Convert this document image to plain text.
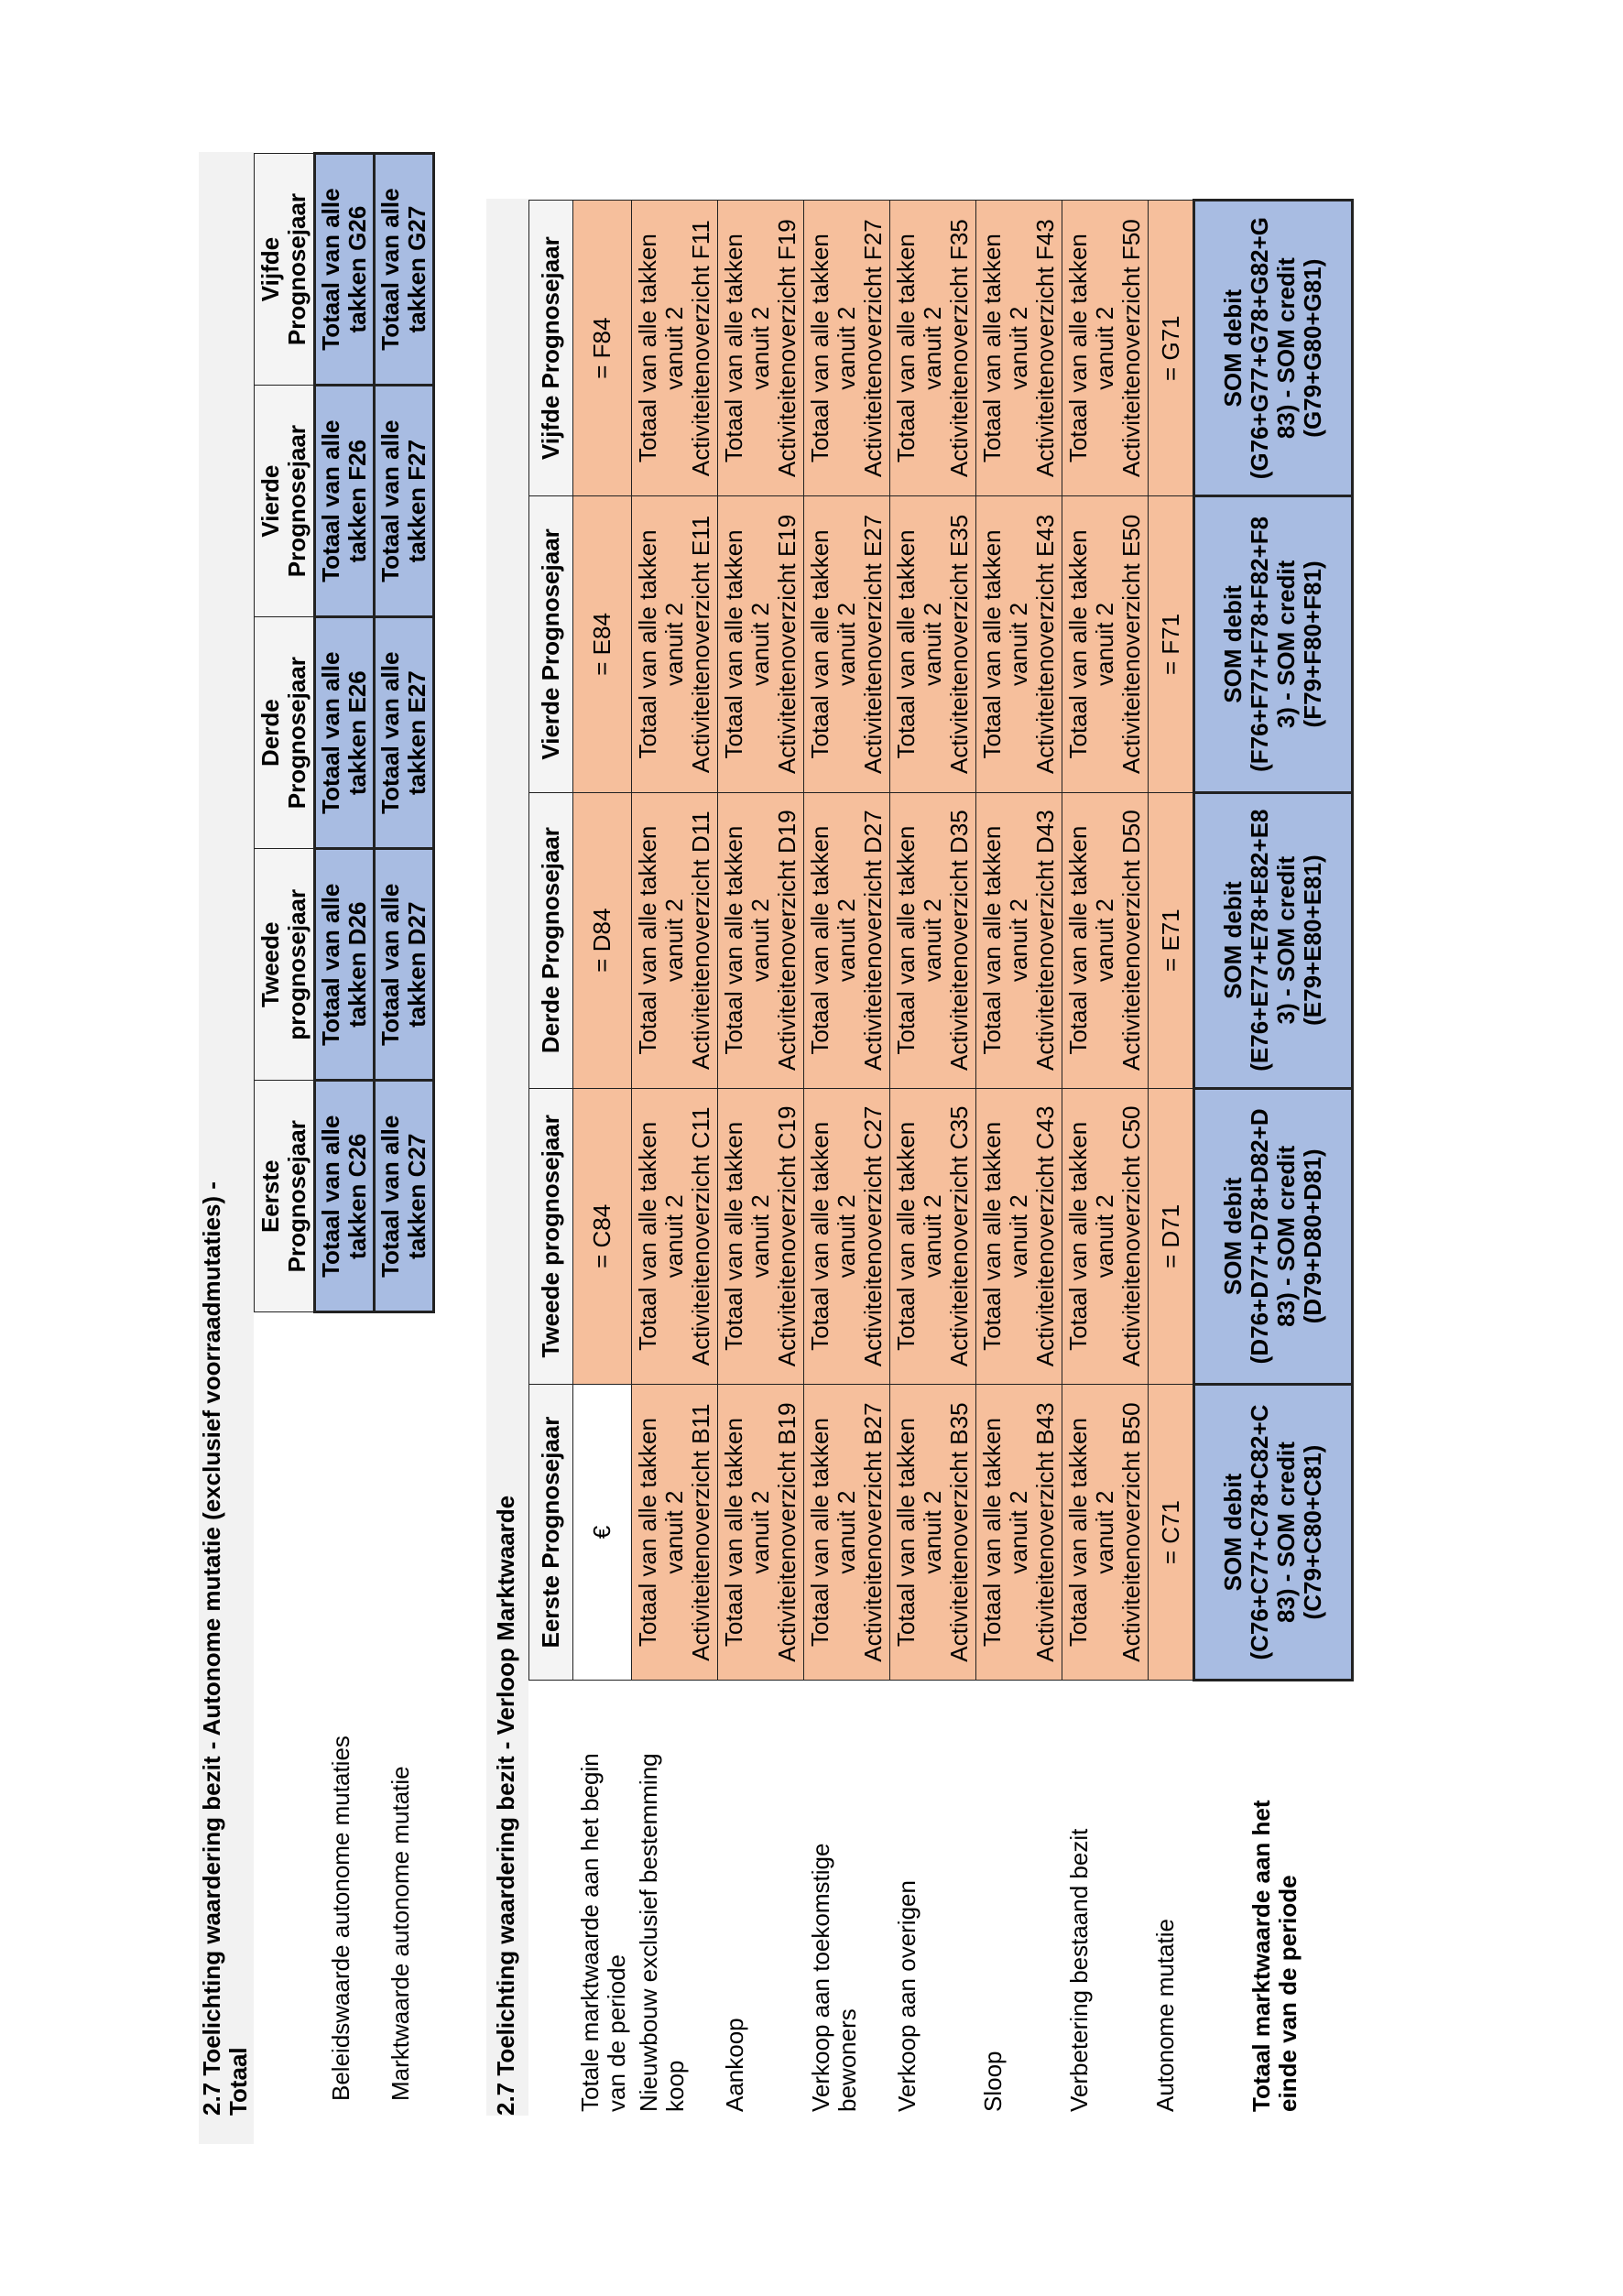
2.7 Toelichting waardering bezit - Autonome mutatie (exclusief voorraadmutaties) - Totaal
	Eerste
Prognosejaar	Tweede
prognosejaar	Derde
Prognosejaar	Vierde
Prognosejaar	Vijfde
Prognosejaar
Beleidswaarde autonome mutaties	Totaal van alle
takken C26	Totaal van alle
takken D26	Totaal van alle
takken E26	Totaal van alle
takken F26	Totaal van alle
takken G26
Marktwaarde autonome mutatie	Totaal van alle
takken C27	Totaal van alle
takken D27	Totaal van alle
takken E27	Totaal van alle
takken F27	Totaal van alle
takken G27
2.7 Toelichting waardering bezit - Verloop Marktwaarde
	Eerste Prognosejaar	Tweede prognosejaar	Derde Prognosejaar	Vierde Prognosejaar	Vijfde Prognosejaar
Totale marktwaarde aan het begin
van de periode	€	= C84	= D84	= E84	= F84
Nieuwbouw exclusief bestemming
koop	Totaal van alle takken
vanuit 2
Activiteitenoverzicht B11	Totaal van alle takken
vanuit 2
Activiteitenoverzicht C11	Totaal van alle takken
vanuit 2
Activiteitenoverzicht D11	Totaal van alle takken
vanuit 2
Activiteitenoverzicht E11	Totaal van alle takken
vanuit 2
Activiteitenoverzicht F11
Aankoop	Totaal van alle takken
vanuit 2
Activiteitenoverzicht B19	Totaal van alle takken
vanuit 2
Activiteitenoverzicht C19	Totaal van alle takken
vanuit 2
Activiteitenoverzicht D19	Totaal van alle takken
vanuit 2
Activiteitenoverzicht E19	Totaal van alle takken
vanuit 2
Activiteitenoverzicht F19
Verkoop aan toekomstige
bewoners	Totaal van alle takken
vanuit 2
Activiteitenoverzicht B27	Totaal van alle takken
vanuit 2
Activiteitenoverzicht C27	Totaal van alle takken
vanuit 2
Activiteitenoverzicht D27	Totaal van alle takken
vanuit 2
Activiteitenoverzicht E27	Totaal van alle takken
vanuit 2
Activiteitenoverzicht F27
Verkoop aan overigen	Totaal van alle takken
vanuit 2
Activiteitenoverzicht B35	Totaal van alle takken
vanuit 2
Activiteitenoverzicht C35	Totaal van alle takken
vanuit 2
Activiteitenoverzicht D35	Totaal van alle takken
vanuit 2
Activiteitenoverzicht E35	Totaal van alle takken
vanuit 2
Activiteitenoverzicht F35
Sloop	Totaal van alle takken
vanuit 2
Activiteitenoverzicht B43	Totaal van alle takken
vanuit 2
Activiteitenoverzicht C43	Totaal van alle takken
vanuit 2
Activiteitenoverzicht D43	Totaal van alle takken
vanuit 2
Activiteitenoverzicht E43	Totaal van alle takken
vanuit 2
Activiteitenoverzicht F43
Verbetering bestaand bezit	Totaal van alle takken
vanuit 2
Activiteitenoverzicht B50	Totaal van alle takken
vanuit 2
Activiteitenoverzicht C50	Totaal van alle takken
vanuit 2
Activiteitenoverzicht D50	Totaal van alle takken
vanuit 2
Activiteitenoverzicht E50	Totaal van alle takken
vanuit 2
Activiteitenoverzicht F50
Autonome mutatie	= C71	= D71	= E71	= F71	= G71
Totaal marktwaarde aan het
einde van de periode	SOM debit
(C76+C77+C78+C82+C
83) - SOM credit
(C79+C80+C81)	SOM debit
(D76+D77+D78+D82+D
83) - SOM credit
(D79+D80+D81)	SOM debit
(E76+E77+E78+E82+E8
3) - SOM credit
(E79+E80+E81)	SOM debit
(F76+F77+F78+F82+F8
3) - SOM credit
(F79+F80+F81)	SOM debit
(G76+G77+G78+G82+G
83) - SOM credit
(G79+G80+G81)
